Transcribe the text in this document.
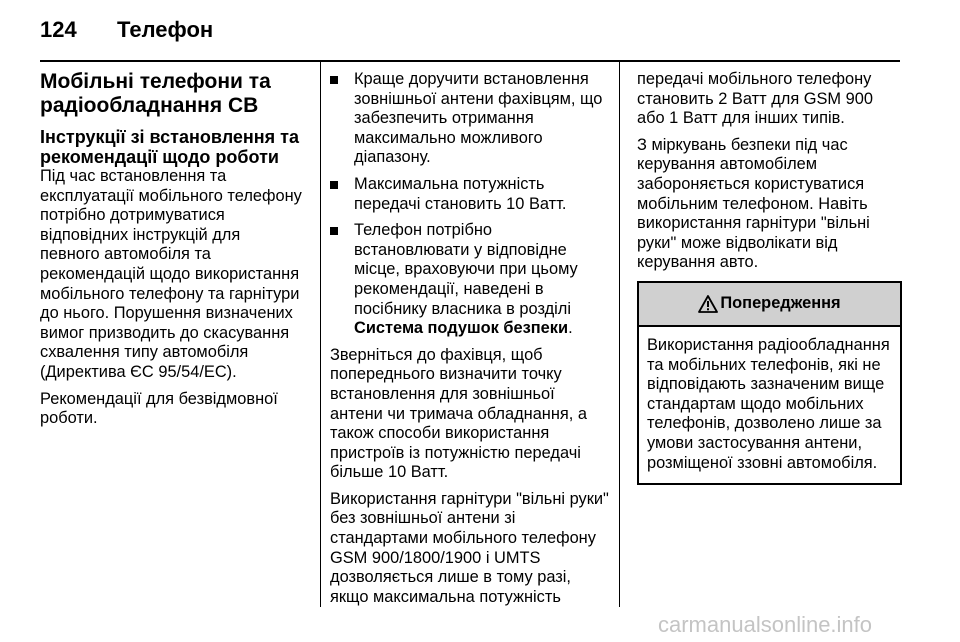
124 Телефон
Мобільні телефони та радіообладнання СВ
Інструкції зі встановлення та рекомендації щодо роботи

Під час встановлення та експлуатації мобільного телефону потрібно дотримуватися відповідних інструкцій для певного автомобіля та рекомендацій щодо використання мобільного телефону та гарнітури до нього. Порушення визначених вимог призводить до скасування схвалення типу автомобіля (Директива ЄС 95/54/ЕС).

Рекомендації для безвідмовної роботи.

Краще доручити встановлення зовнішньої антени фахівцям, що забезпечить отримання максимально можливого діапазону.
Максимальна потужність передачі становить 10 Ватт.
Телефон потрібно встановлювати у відповідне місце, враховуючи при цьому рекомендації, наведені в посібнику власника в розділі Система подушок безпеки.

Зверніться до фахівця, щоб попереднього визначити точку встановлення для зовнішньої антени чи тримача обладнання, а також способи використання пристроїв із потужністю передачі більше 10 Ватт.

Використання гарнітури "вільні руки" без зовнішньої антени зі стандартами мобільного телефону GSM 900/1800/1900 і UMTS дозволяється лише в тому разі, якщо максимальна потужність

передачі мобільного телефону становить 2 Ватт для GSM 900 або 1 Ватт для інших типів.

З міркувань безпеки під час керування автомобілем забороняється користуватися мобільним телефоном. Навіть використання гарнітури "вільні руки" може відволікати від керування авто.

Попередження
Використання радіообладнання та мобільних телефонів, які не відповідають зазначеним вище стандартам щодо мобільних телефонів, дозволено лише за умови застосування антени, розміщеної ззовні автомобіля.
carmanualsonline.info
